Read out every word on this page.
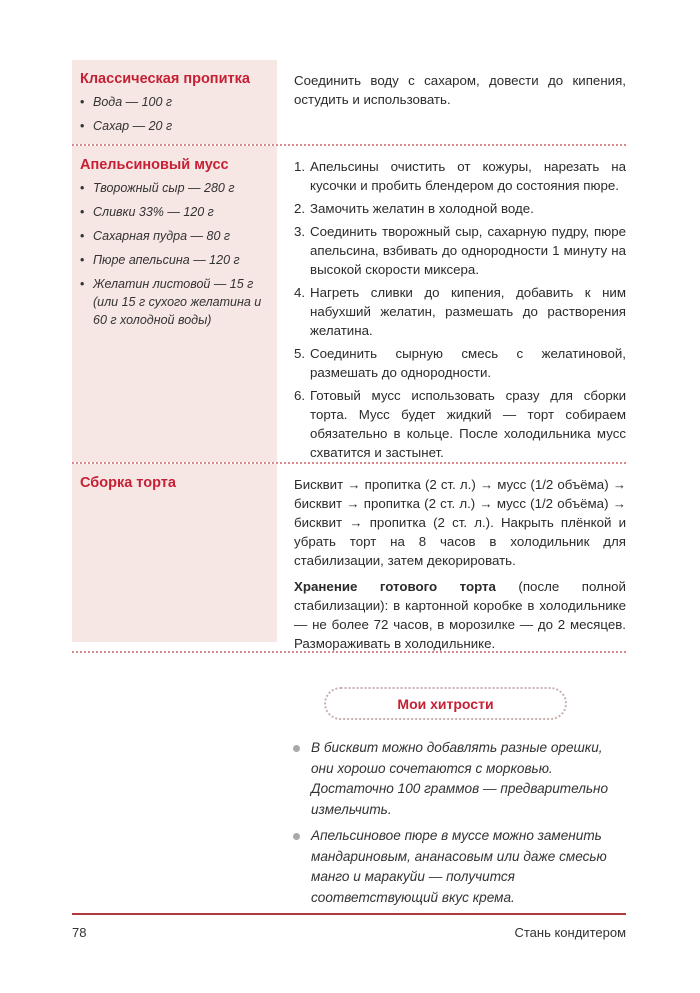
Классическая пропитка
• Вода — 100 г
• Сахар — 20 г

Соединить воду с сахаром, довести до кипения, остудить и использовать.

Апельсиновый мусс
• Творожный сыр — 280 г
• Сливки 33% — 120 г
• Сахарная пудра — 80 г
• Пюре апельсина — 120 г
• Желатин листовой — 15 г (или 15 г сухого желатина и 60 г холодной воды)
1. Апельсины очистить от кожуры, нарезать на кусочки и пробить блендером до состояния пюре.
2. Замочить желатин в холодной воде.
3. Соединить творожный сыр, сахарную пудру, пюре апельсина, взбивать до однородности 1 минуту на высокой скорости миксера.
4. Нагреть сливки до кипения, добавить к ним набухший желатин, размешать до растворения желатина.
5. Соединить сырную смесь с желатиновой, размешать до однородности.
6. Готовый мусс использовать сразу для сборки торта. Мусс будет жидкий — торт собираем обязательно в кольце. После холодильника мусс схватится и застынет.
Сборка торта	Бисквит → пропитка (2 ст. л.) → мусс (1/2 объёма) → бисквит → пропитка (2 ст. л.) → мусс (1/2 объёма) → бисквит → пропитка (2 ст. л.). Накрыть плёнкой и убрать торт на 8 часов в холодильник для стабилизации, затем декорировать.

Хранение готового торта (после полной стабилизации): в картонной коробке в холодильнике — не более 72 часов, в морозилке — до 2 месяцев. Размораживать в холодильнике.

Мои хитрости
В бисквит можно добавлять разные орешки, они хорошо сочетаются с морковью. Достаточно 100 граммов — предварительно измельчить.
Апельсиновое пюре в муссе можно заменить мандариновым, ананасовым или даже смесью манго и маракуйи — получится соответствующий вкус крема.
78	Стань кондитером
